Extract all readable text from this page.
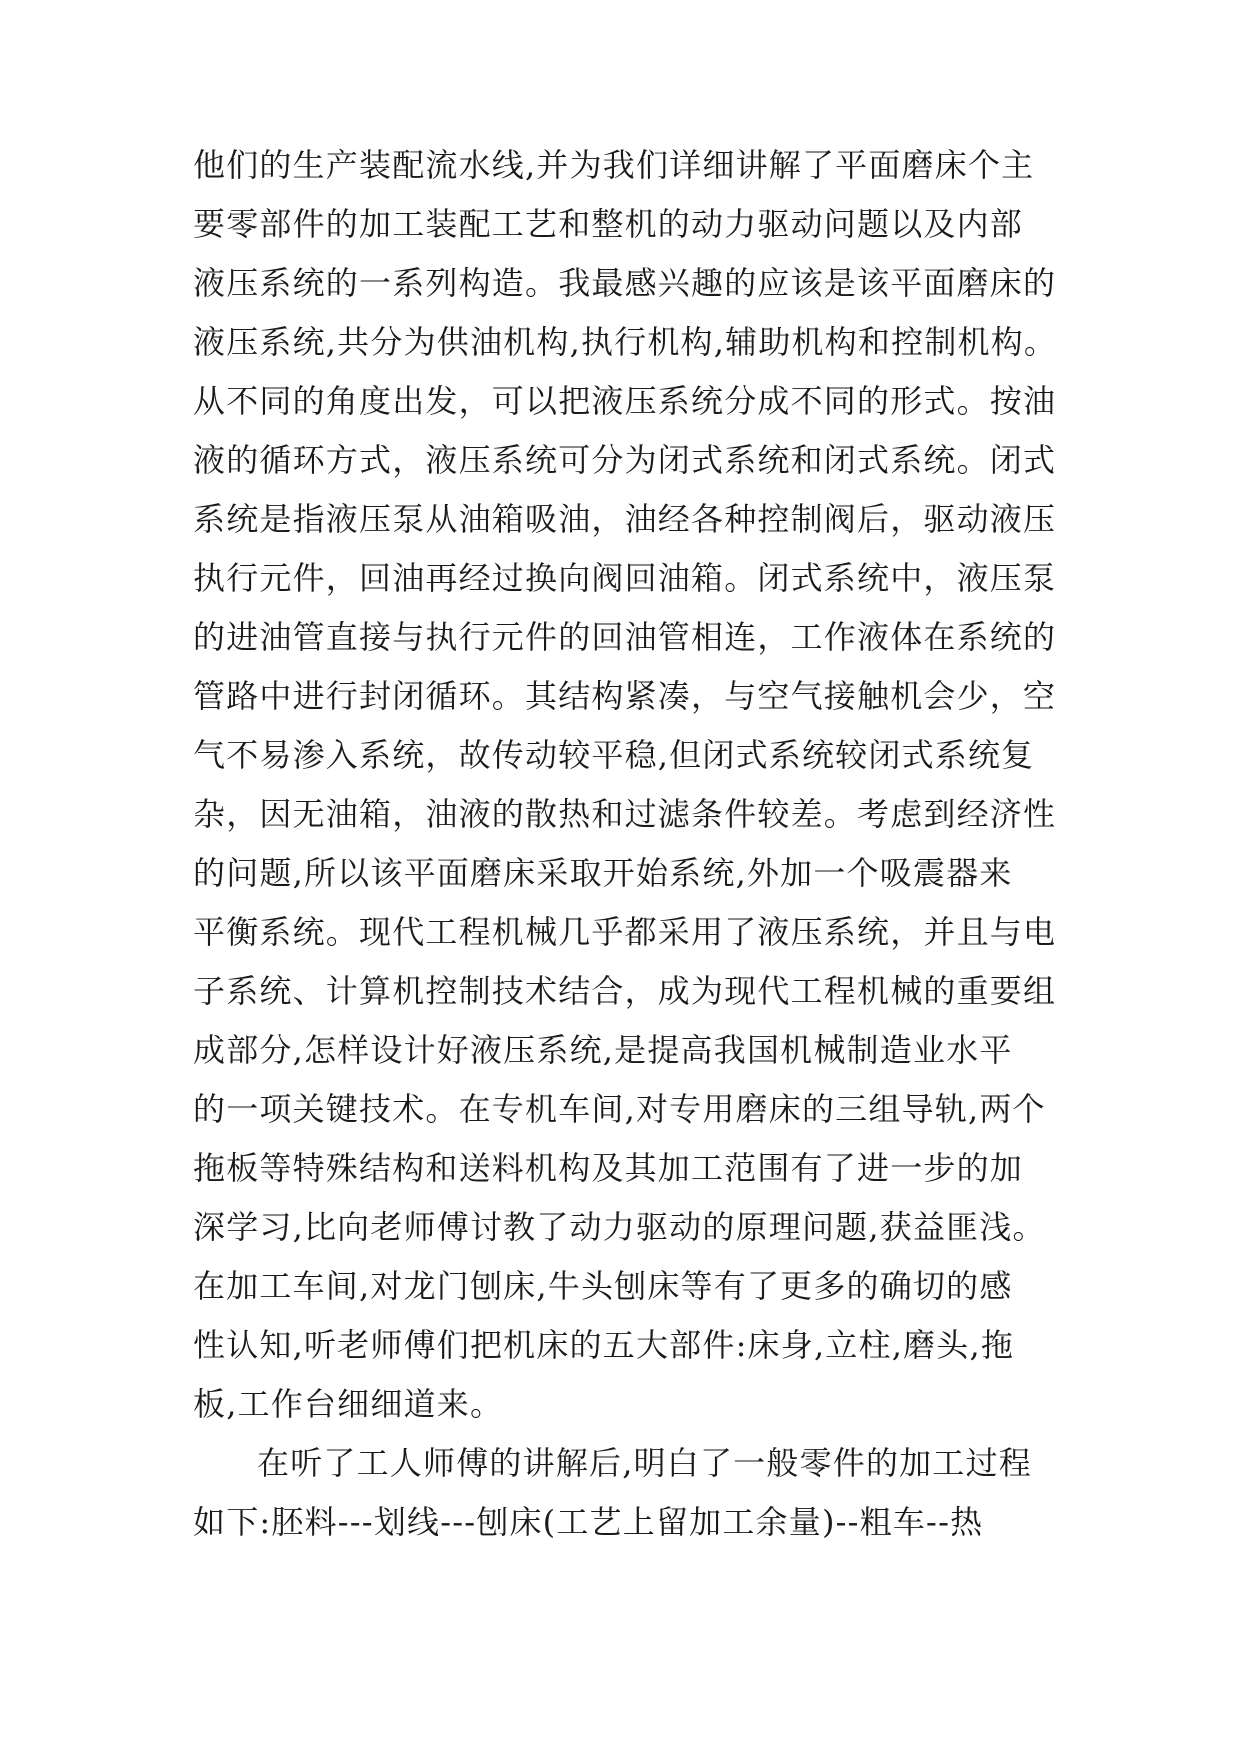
他们的生产装配流水线,并为我们详细讲解了平面磨床个主
要零部件的加工装配工艺和整机的动力驱动问题以及内部
液压系统的一系列构造。我最感兴趣的应该是该平面磨床的
液压系统,共分为供油机构,执行机构,辅助机构和控制机构。
从不同的角度出发，可以把液压系统分成不同的形式。按油
液的循环方式，液压系统可分为闭式系统和闭式系统。闭式
系统是指液压泵从油箱吸油，油经各种控制阀后，驱动液压
执行元件，回油再经过换向阀回油箱。闭式系统中，液压泵
的进油管直接与执行元件的回油管相连，工作液体在系统的
管路中进行封闭循环。其结构紧凑，与空气接触机会少，空
气不易渗入系统，故传动较平稳,但闭式系统较闭式系统复
杂，因无油箱，油液的散热和过滤条件较差。考虑到经济性
的问题,所以该平面磨床采取开始系统,外加一个吸震器来
平衡系统。现代工程机械几乎都采用了液压系统，并且与电
子系统、计算机控制技术结合，成为现代工程机械的重要组
成部分,怎样设计好液压系统,是提高我国机械制造业水平
的一项关键技术。在专机车间,对专用磨床的三组导轨,两个
拖板等特殊结构和送料机构及其加工范围有了进一步的加
深学习,比向老师傅讨教了动力驱动的原理问题,获益匪浅。
在加工车间,对龙门刨床,牛头刨床等有了更多的确切的感
性认知,听老师傅们把机床的五大部件:床身,立柱,磨头,拖
板,工作台细细道来。
在听了工人师傅的讲解后,明白了一般零件的加工过程
如下:胚料---划线---刨床(工艺上留加工余量)--粗车--热
